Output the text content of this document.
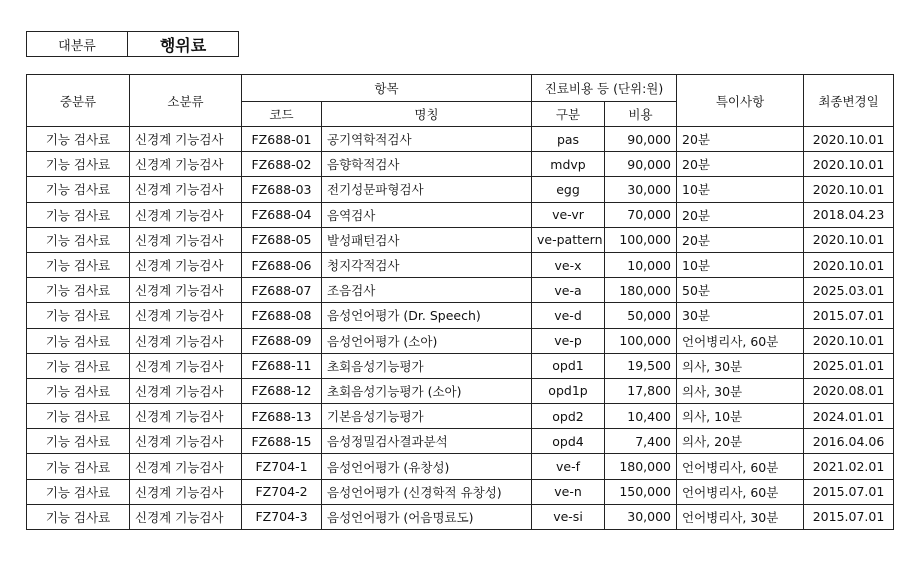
대분류	행위료
중분류	소분류	항목		진료비용 등 (단위:원)		특이사항	최종변경일
		코드	명칭	구분	비용		
기능 검사료	신경계 기능검사	FZ688-01	공기역학적검사	pas	90,000	20분	2020.10.01
기능 검사료	신경계 기능검사	FZ688-02	음향학적검사	mdvp	90,000	20분	2020.10.01
기능 검사료	신경계 기능검사	FZ688-03	전기성문파형검사	egg	30,000	10분	2020.10.01
기능 검사료	신경계 기능검사	FZ688-04	음역검사	ve-vr	70,000	20분	2018.04.23
기능 검사료	신경계 기능검사	FZ688-05	발성패턴검사	ve-pattern	100,000	20분	2020.10.01
기능 검사료	신경계 기능검사	FZ688-06	청지각적검사	ve-x	10,000	10분	2020.10.01
기능 검사료	신경계 기능검사	FZ688-07	조음검사	ve-a	180,000	50분	2025.03.01
기능 검사료	신경계 기능검사	FZ688-08	음성언어평가 (Dr. Speech)	ve-d	50,000	30분	2015.07.01
기능 검사료	신경계 기능검사	FZ688-09	음성언어평가 (소아)	ve-p	100,000	언어병리사, 60분	2020.10.01
기능 검사료	신경계 기능검사	FZ688-11	초회음성기능평가	opd1	19,500	의사, 30분	2025.01.01
기능 검사료	신경계 기능검사	FZ688-12	초회음성기능평가 (소아)	opd1p	17,800	의사, 30분	2020.08.01
기능 검사료	신경계 기능검사	FZ688-13	기본음성기능평가	opd2	10,400	의사, 10분	2024.01.01
기능 검사료	신경계 기능검사	FZ688-15	음성정밀검사결과분석	opd4	7,400	의사, 20분	2016.04.06
기능 검사료	신경계 기능검사	FZ704-1	음성언어평가 (유창성)	ve-f	180,000	언어병리사, 60분	2021.02.01
기능 검사료	신경계 기능검사	FZ704-2	음성언어평가 (신경학적 유창성)	ve-n	150,000	언어병리사, 60분	2015.07.01
기능 검사료	신경계 기능검사	FZ704-3	음성언어평가 (어음명료도)	ve-si	30,000	언어병리사, 30분	2015.07.01
